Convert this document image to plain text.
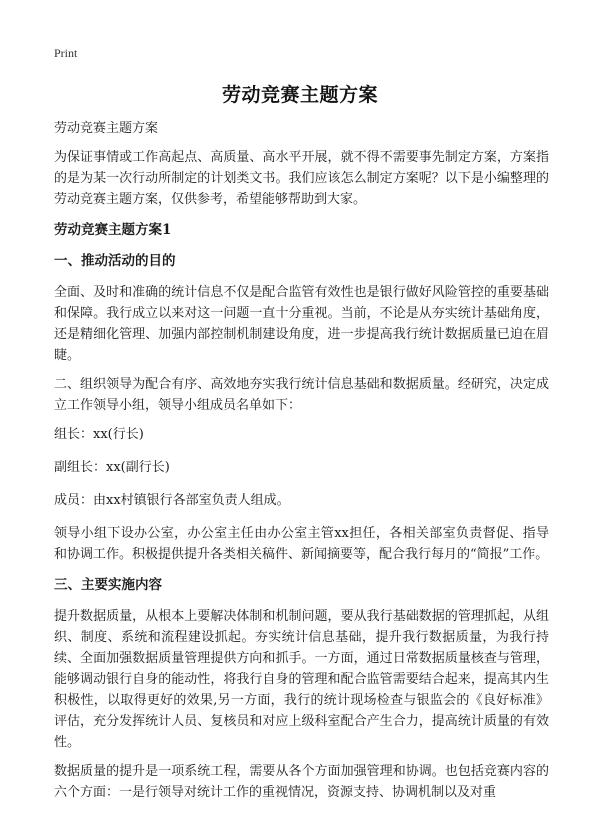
Print
劳动竞赛主题方案

劳动竞赛主题方案

为保证事情或工作高起点、高质量、高水平开展，就不得不需要事先制定方案，方案指的是为某一次行动所制定的计划类文书。我们应该怎么制定方案呢？以下是小编整理的劳动竞赛主题方案，仅供参考，希望能够帮助到大家。

劳动竞赛主题方案1
一、推动活动的目的

全面、及时和准确的统计信息不仅是配合监管有效性也是银行做好风险管控的重要基础和保障。我行成立以来对这一问题一直十分重视。当前，不论是从夯实统计基础角度，还是精细化管理、加强内部控制机制建设角度，进一步提高我行统计数据质量已迫在眉睫。

二、组织领导为配合有序、高效地夯实我行统计信息基础和数据质量。经研究，决定成立工作领导小组，领导小组成员名单如下：

组长：xx(行长)

副组长：xx(副行长)

成员：由xx村镇银行各部室负责人组成。

领导小组下设办公室，办公室主任由办公室主管xx担任，各相关部室负责督促、指导和协调工作。积极提供提升各类相关稿件、新闻摘要等，配合我行每月的“简报”工作。

三、主要实施内容

提升数据质量，从根本上要解决体制和机制问题，要从我行基础数据的管理抓起，从组织、制度、系统和流程建设抓起。夯实统计信息基础，提升我行数据质量，为我行持续、全面加强数据质量管理提供方向和抓手。一方面，通过日常数据质量核查与管理，能够调动银行自身的能动性，将我行自身的管理和配合监管需要结合起来，提高其内生积极性，以取得更好的效果,另一方面，我行的统计现场检查与银监会的《良好标准》评估，充分发挥统计人员、复核员和对应上级科室配合产生合力，提高统计质量的有效性。

数据质量的提升是一项系统工程，需要从各个方面加强管理和协调。也包括竞赛内容的六个方面：一是行领导对统计工作的重视情况，资源支持、协调机制以及对重
